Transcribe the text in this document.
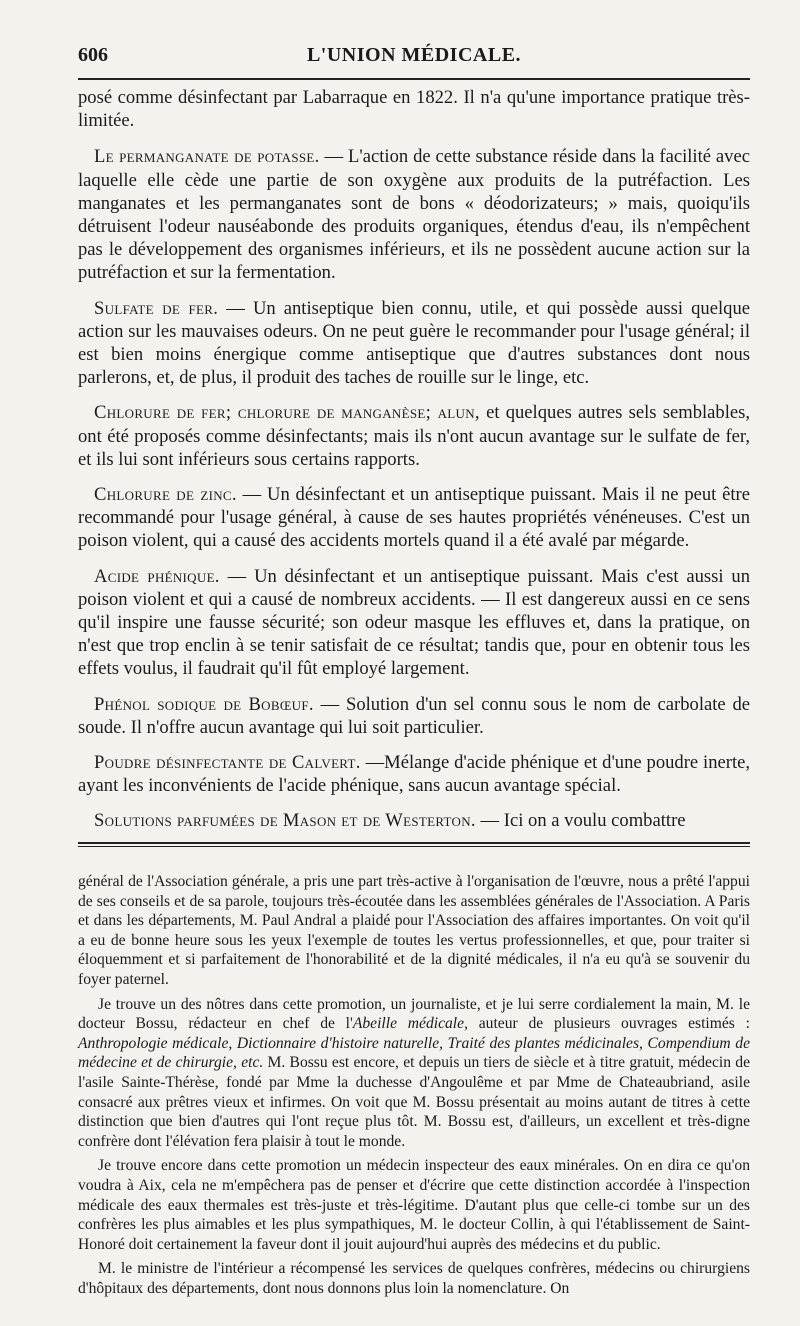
606	L'UNION MÉDICALE.

posé comme désinfectant par Labarraque en 1822. Il n'a qu'une importance pratique très-limitée.

Le permanganate de potasse. — L'action de cette substance réside dans la facilité avec laquelle elle cède une partie de son oxygène aux produits de la putréfaction. Les manganates et les permanganates sont de bons « déodorizateurs; » mais, quoiqu'ils détruisent l'odeur nauséabonde des produits organiques, étendus d'eau, ils n'empêchent pas le développement des organismes inférieurs, et ils ne possèdent aucune action sur la putréfaction et sur la fermentation.

Sulfate de fer. — Un antiseptique bien connu, utile, et qui possède aussi quelque action sur les mauvaises odeurs. On ne peut guère le recommander pour l'usage général; il est bien moins énergique comme antiseptique que d'autres substances dont nous parlerons, et, de plus, il produit des taches de rouille sur le linge, etc.

Chlorure de fer; chlorure de manganèse; alun, et quelques autres sels semblables, ont été proposés comme désinfectants; mais ils n'ont aucun avantage sur le sulfate de fer, et ils lui sont inférieurs sous certains rapports.

Chlorure de zinc. — Un désinfectant et un antiseptique puissant. Mais il ne peut être recommandé pour l'usage général, à cause de ses hautes propriétés vénéneuses. C'est un poison violent, qui a causé des accidents mortels quand il a été avalé par mégarde.

Acide phénique. — Un désinfectant et un antiseptique puissant. Mais c'est aussi un poison violent et qui a causé de nombreux accidents. — Il est dangereux aussi en ce sens qu'il inspire une fausse sécurité; son odeur masque les effluves et, dans la pratique, on n'est que trop enclin à se tenir satisfait de ce résultat; tandis que, pour en obtenir tous les effets voulus, il faudrait qu'il fût employé largement.

Phénol sodique de Bobœuf. — Solution d'un sel connu sous le nom de carbolate de soude. Il n'offre aucun avantage qui lui soit particulier.

Poudre désinfectante de Calvert. —Mélange d'acide phénique et d'une poudre inerte, ayant les inconvénients de l'acide phénique, sans aucun avantage spécial.

Solutions parfumées de Mason et de Westerton. — Ici on a voulu combattre

général de l'Association générale, a pris une part très-active à l'organisation de l'œuvre, nous a prêté l'appui de ses conseils et de sa parole, toujours très-écoutée dans les assemblées générales de l'Association. A Paris et dans les départements, M. Paul Andral a plaidé pour l'Association des affaires importantes. On voit qu'il a eu de bonne heure sous les yeux l'exemple de toutes les vertus professionnelles, et que, pour traiter si éloquemment et si parfaitement de l'honorabilité et de la dignité médicales, il n'a eu qu'à se souvenir du foyer paternel.

Je trouve un des nôtres dans cette promotion, un journaliste, et je lui serre cordialement la main, M. le docteur Bossu, rédacteur en chef de l'Abeille médicale, auteur de plusieurs ouvrages estimés : Anthropologie médicale, Dictionnaire d'histoire naturelle, Traité des plantes médicinales, Compendium de médecine et de chirurgie, etc. M. Bossu est encore, et depuis un tiers de siècle et à titre gratuit, médecin de l'asile Sainte-Thérèse, fondé par Mme la duchesse d'Angoulême et par Mme de Chateaubriand, asile consacré aux prêtres vieux et infirmes. On voit que M. Bossu présentait au moins autant de titres à cette distinction que bien d'autres qui l'ont reçue plus tôt. M. Bossu est, d'ailleurs, un excellent et très-digne confrère dont l'élévation fera plaisir à tout le monde.

Je trouve encore dans cette promotion un médecin inspecteur des eaux minérales. On en dira ce qu'on voudra à Aix, cela ne m'empêchera pas de penser et d'écrire que cette distinction accordée à l'inspection médicale des eaux thermales est très-juste et très-légitime. D'autant plus que celle-ci tombe sur un des confrères les plus aimables et les plus sympathiques, M. le docteur Collin, à qui l'établissement de Saint-Honoré doit certainement la faveur dont il jouit aujourd'hui auprès des médecins et du public.

M. le ministre de l'intérieur a récompensé les services de quelques confrères, médecins ou chirurgiens d'hôpitaux des départements, dont nous donnons plus loin la nomenclature. On
